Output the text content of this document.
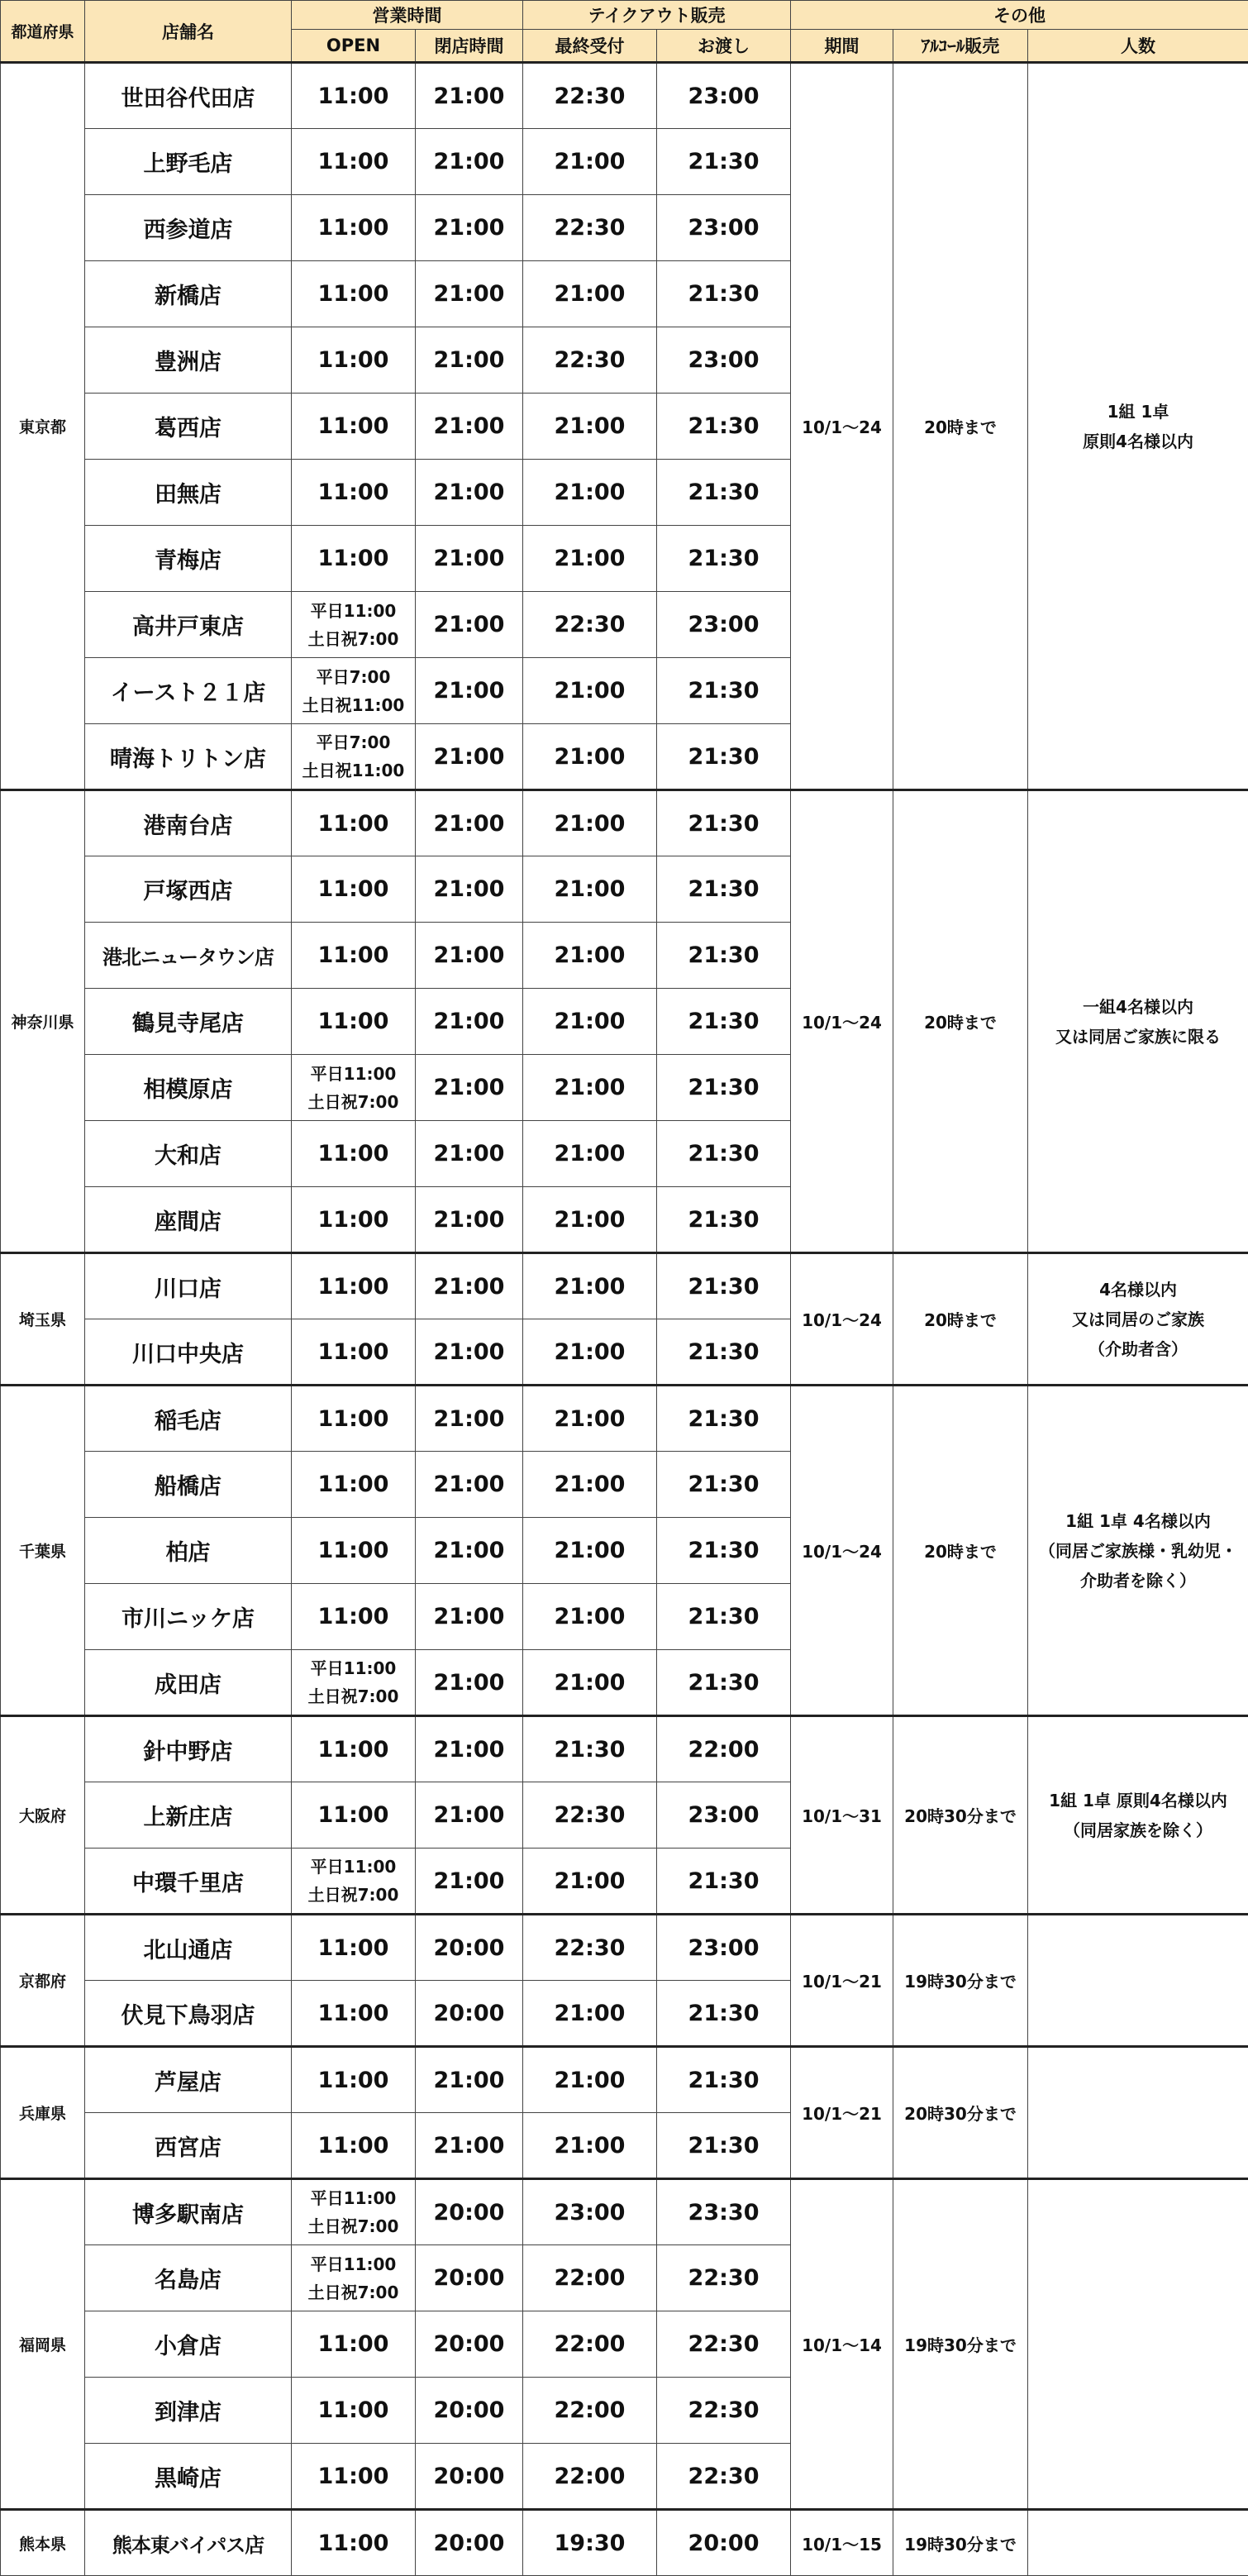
都道府県	店舗名	営業時間		テイクアウト販売		その他		
		OPEN	閉店時間	最終受付	お渡し	期間	ｱﾙｺｰﾙ販売	人数
東京都	世田谷代田店	11:00	21:00	22:30	23:00	10/1～24	20時まで	1組 1卓
原則4名様以内
	上野毛店	11:00	21:00	21:00	21:30			
	西参道店	11:00	21:00	22:30	23:00			
	新橋店	11:00	21:00	21:00	21:30			
	豊洲店	11:00	21:00	22:30	23:00			
	葛西店	11:00	21:00	21:00	21:30			
	田無店	11:00	21:00	21:00	21:30			
	青梅店	11:00	21:00	21:00	21:30			
	高井戸東店	平日11:00
土日祝7:00	21:00	22:30	23:00			
	イースト２１店	平日7:00
土日祝11:00	21:00	21:00	21:30			
	晴海トリトン店	平日7:00
土日祝11:00	21:00	21:00	21:30			
神奈川県	港南台店	11:00	21:00	21:00	21:30	10/1～24	20時まで	一組4名様以内
又は同居ご家族に限る
	戸塚西店	11:00	21:00	21:00	21:30			
	港北ニュータウン店	11:00	21:00	21:00	21:30			
	鶴見寺尾店	11:00	21:00	21:00	21:30			
	相模原店	平日11:00
土日祝7:00	21:00	21:00	21:30			
	大和店	11:00	21:00	21:00	21:30			
	座間店	11:00	21:00	21:00	21:30			
埼玉県	川口店	11:00	21:00	21:00	21:30	10/1～24	20時まで	4名様以内
又は同居のご家族
（介助者含）
	川口中央店	11:00	21:00	21:00	21:30			
千葉県	稲毛店	11:00	21:00	21:00	21:30	10/1～24	20時まで	1組 1卓 4名様以内
（同居ご家族様・乳幼児・
介助者を除く）
	船橋店	11:00	21:00	21:00	21:30			
	柏店	11:00	21:00	21:00	21:30			
	市川ニッケ店	11:00	21:00	21:00	21:30			
	成田店	平日11:00
土日祝7:00	21:00	21:00	21:30			
大阪府	針中野店	11:00	21:00	21:30	22:00	10/1～31	20時30分まで	1組 1卓 原則4名様以内
（同居家族を除く）
	上新庄店	11:00	21:00	22:30	23:00			
	中環千里店	平日11:00
土日祝7:00	21:00	21:00	21:30			
京都府	北山通店	11:00	20:00	22:30	23:00	10/1～21	19時30分まで	
	伏見下鳥羽店	11:00	20:00	21:00	21:30			
兵庫県	芦屋店	11:00	21:00	21:00	21:30	10/1～21	20時30分まで	
	西宮店	11:00	21:00	21:00	21:30			
福岡県	博多駅南店	平日11:00
土日祝7:00	20:00	23:00	23:30	10/1～14	19時30分まで	
	名島店	平日11:00
土日祝7:00	20:00	22:00	22:30			
	小倉店	11:00	20:00	22:00	22:30			
	到津店	11:00	20:00	22:00	22:30			
	黒崎店	11:00	20:00	22:00	22:30			
熊本県	熊本東バイパス店	11:00	20:00	19:30	20:00	10/1～15	19時30分まで	
